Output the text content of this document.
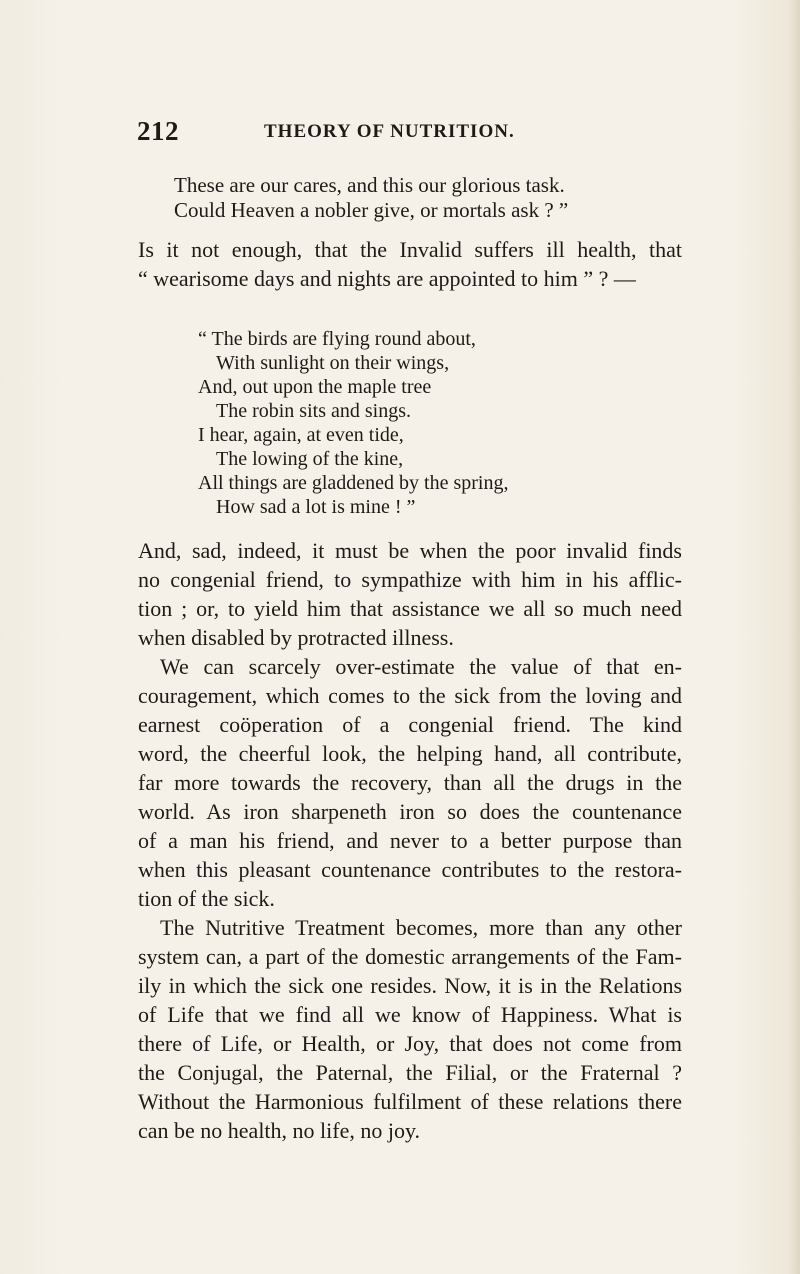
212	THEORY OF NUTRITION.
These are our cares, and this our glorious task.
Could Heaven a nobler give, or mortals ask ? ”
Is it not enough, that the Invalid suffers ill health, that
“ wearisome days and nights are appointed to him ” ? —
“ The birds are flying round about,
With sunlight on their wings,
And, out upon the maple tree
The robin sits and sings.
I hear, again, at even tide,
The lowing of the kine,
All things are gladdened by the spring,
How sad a lot is mine ! ”
And, sad, indeed, it must be when the poor invalid finds
no congenial friend, to sympathize with him in his afflic-
tion ; or, to yield him that assistance we all so much need
when disabled by protracted illness.
We can scarcely over-estimate the value of that en-
couragement, which comes to the sick from the loving and
earnest coöperation of a congenial friend. The kind
word, the cheerful look, the helping hand, all contribute,
far more towards the recovery, than all the drugs in the
world. As iron sharpeneth iron so does the countenance
of a man his friend, and never to a better purpose than
when this pleasant countenance contributes to the restora-
tion of the sick.
The Nutritive Treatment becomes, more than any other
system can, a part of the domestic arrangements of the Fam-
ily in which the sick one resides. Now, it is in the Relations
of Life that we find all we know of Happiness. What is
there of Life, or Health, or Joy, that does not come from
the Conjugal, the Paternal, the Filial, or the Fraternal ?
Without the Harmonious fulfilment of these relations there
can be no health, no life, no joy.
